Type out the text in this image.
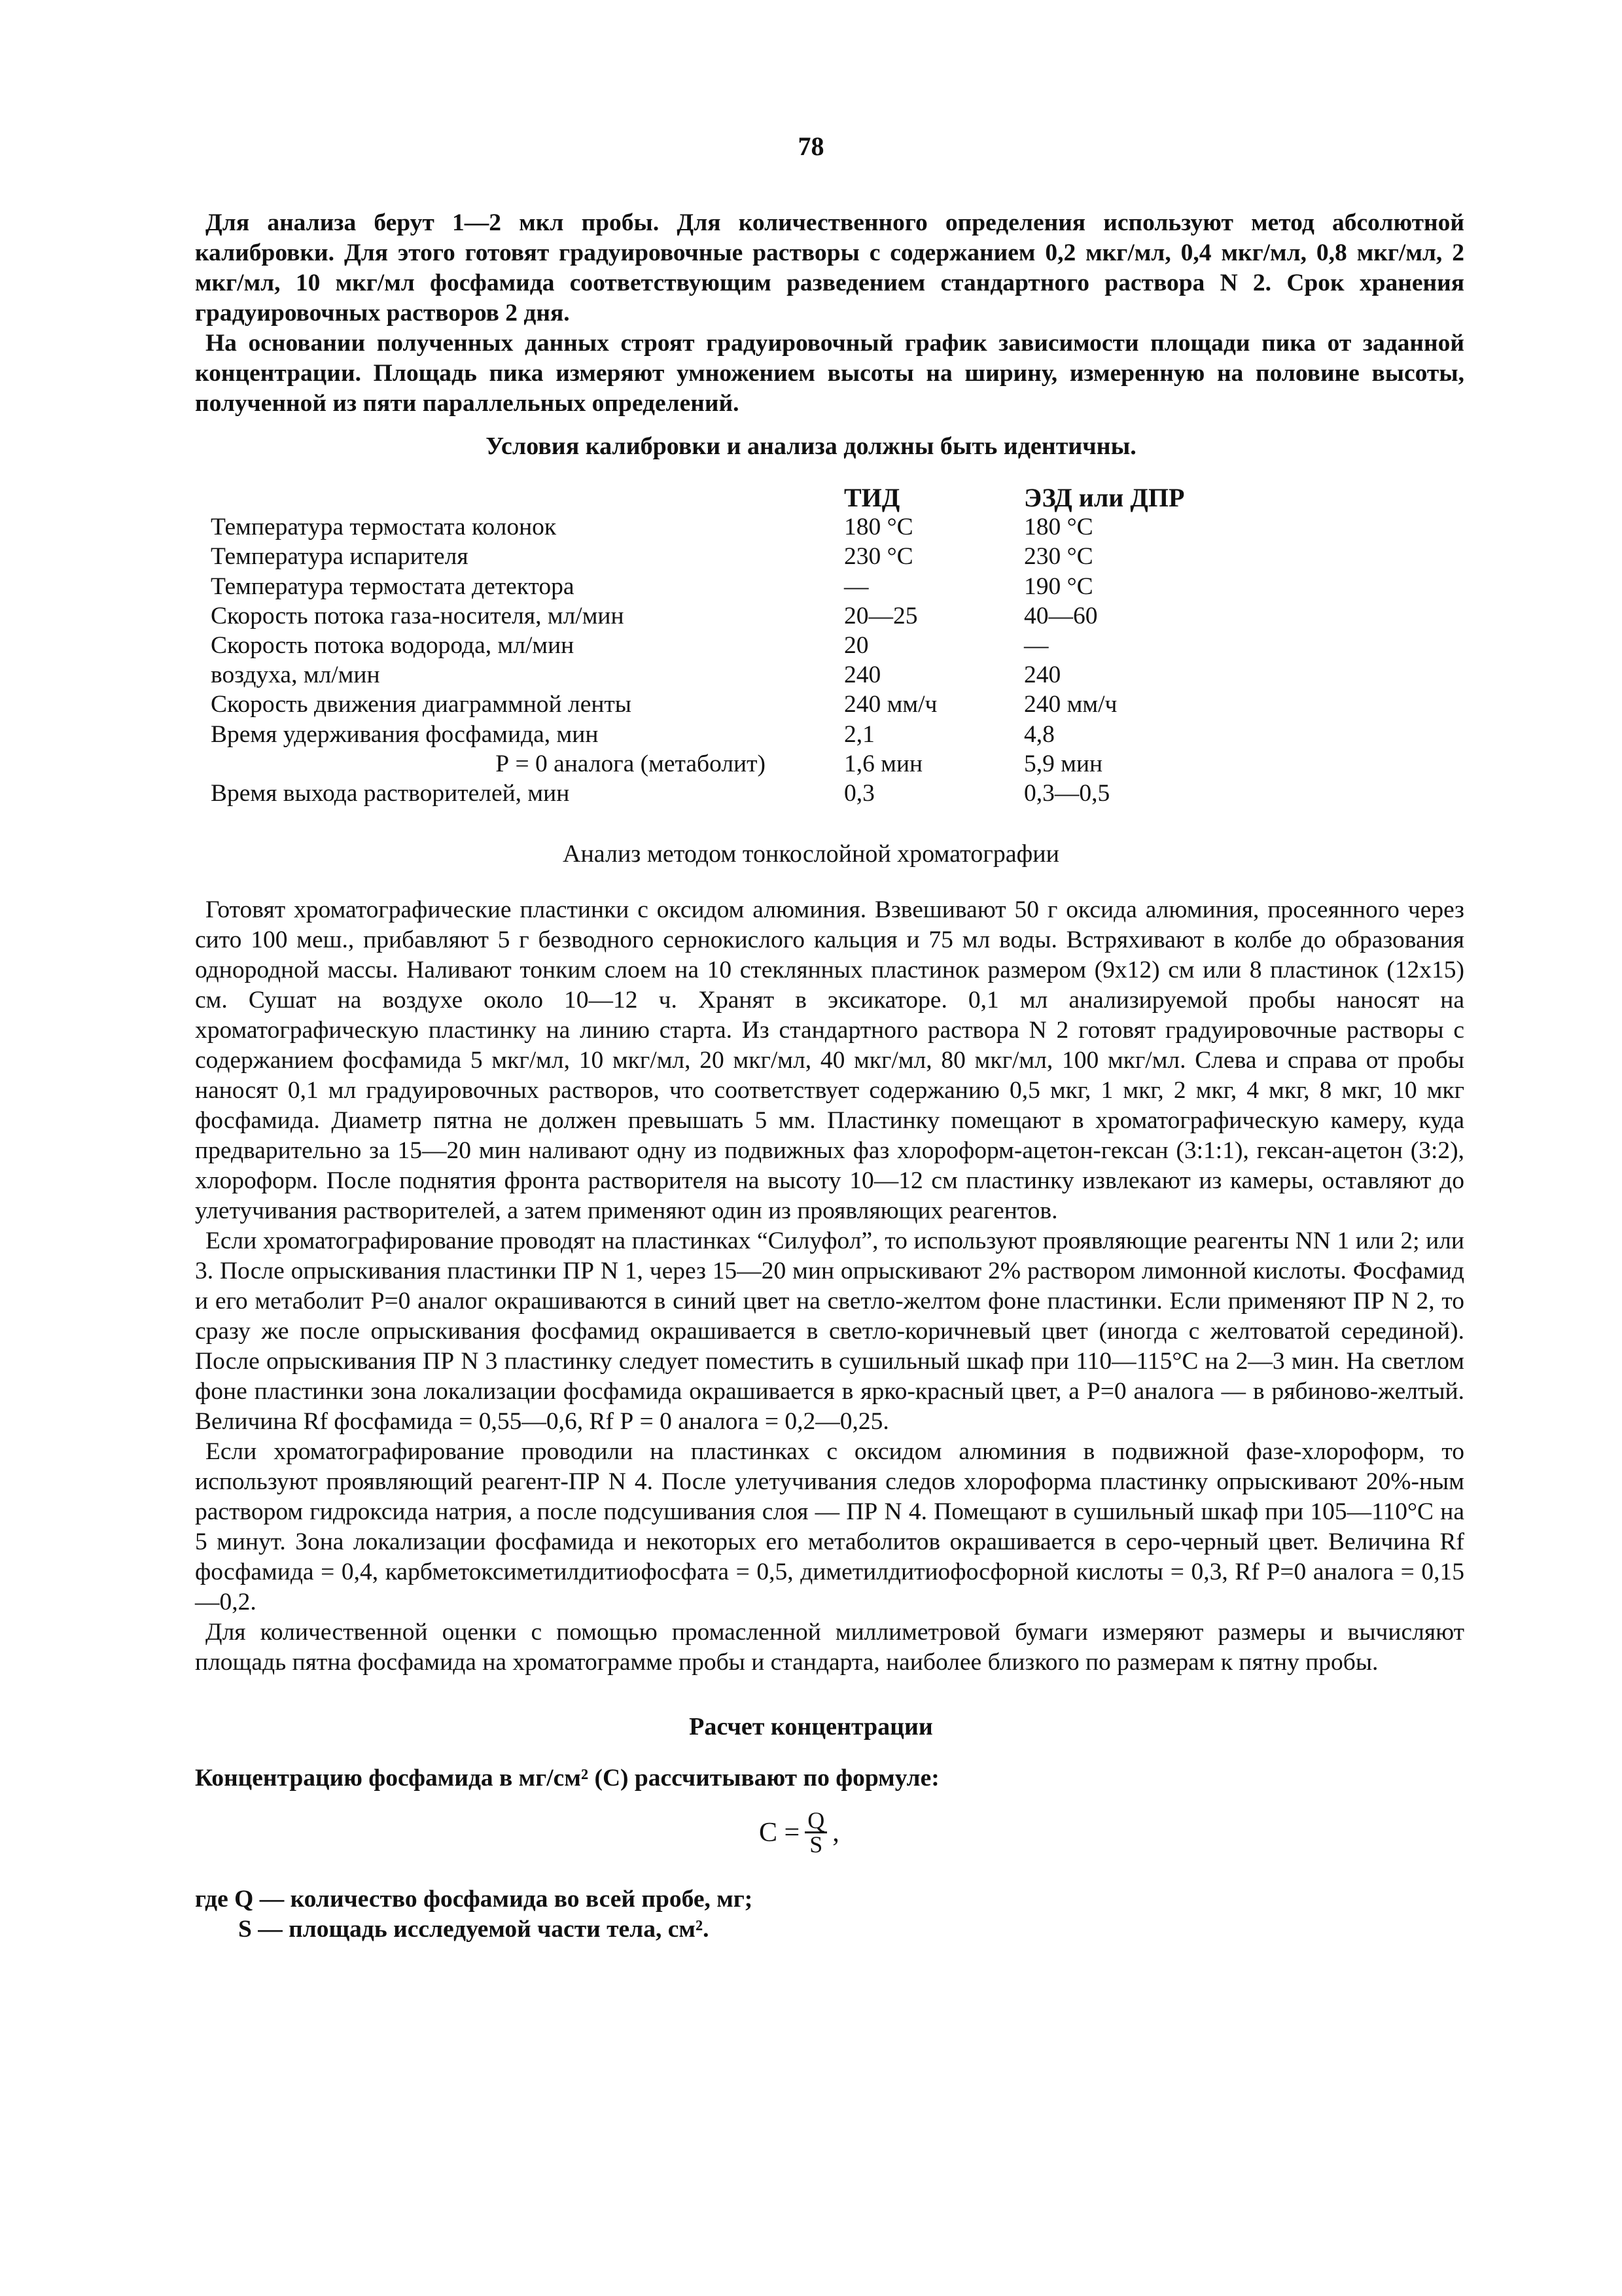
78

Для анализа берут 1—2 мкл пробы. Для количественного определения используют метод абсолютной калибровки. Для этого готовят градуировочные растворы с содержанием 0,2 мкг/мл, 0,4 мкг/мл, 0,8 мкг/мл, 2 мкг/мл, 10 мкг/мл фосфамида соответствующим разведением стандартного раствора N 2. Срок хранения градуировочных растворов 2 дня.

На основании полученных данных строят градуировочный график зависимости площади пика от заданной концентрации. Площадь пика измеряют умножением высоты на ширину, измеренную на половине высоты, полученной из пяти параллельных определений.

Условия калибровки и анализа должны быть идентичны.
	ТИД	ЭЗД или ДПР
Температура термостата колонок	180 °С	180 °С
Температура испарителя	230 °С	230 °С
Температура термостата детектора	—	190 °С
Скорость потока газа-носителя, мл/мин	20—25	40—60
Скорость потока водорода, мл/мин	20	—
воздуха, мл/мин	240	240
Скорость движения диаграммной ленты	240 мм/ч	240 мм/ч
Время удерживания фосфамида, мин	2,1	4,8
Р = 0 аналога (метаболит)	1,6 мин	5,9 мин
Время выхода растворителей, мин	0,3	0,3—0,5
Анализ методом тонкослойной хроматографии

Готовят хроматографические пластинки с оксидом алюминия. Взвешивают 50 г оксида алюминия, просеянного через сито 100 меш., прибавляют 5 г безводного сернокислого кальция и 75 мл воды. Встряхивают в колбе до образования однородной массы. Наливают тонким слоем на 10 стеклянных пластинок размером (9х12) см или 8 пластинок (12х15) см. Сушат на воздухе около 10—12 ч. Хранят в эксикаторе. 0,1 мл анализируемой пробы наносят на хроматографическую пластинку на линию старта. Из стандартного раствора N 2 готовят градуировочные растворы с содержанием фосфамида 5 мкг/мл, 10 мкг/мл, 20 мкг/мл, 40 мкг/мл, 80 мкг/мл, 100 мкг/мл. Слева и справа от пробы наносят 0,1 мл градуировочных растворов, что соответствует содержанию 0,5 мкг, 1 мкг, 2 мкг, 4 мкг, 8 мкг, 10 мкг фосфамида. Диаметр пятна не должен превышать 5 мм. Пластинку помещают в хроматографическую камеру, куда предварительно за 15—20 мин наливают одну из подвижных фаз хлороформ-ацетон-гексан (3:1:1), гексан-ацетон (3:2), хлороформ. После поднятия фронта растворителя на высоту 10—12 см пластинку извлекают из камеры, оставляют до улетучивания растворителей, а затем применяют один из проявляющих реагентов.

Если хроматографирование проводят на пластинках “Силуфол”, то используют проявляющие реагенты NN 1 или 2; или 3. После опрыскивания пластинки ПР N 1, через 15—20 мин опрыскивают 2% раствором лимонной кислоты. Фосфамид и его метаболит Р=0 аналог окрашиваются в синий цвет на светло-желтом фоне пластинки. Если применяют ПР N 2, то сразу же после опрыскивания фосфамид окрашивается в светло-коричневый цвет (иногда с желтоватой серединой). После опрыскивания ПР N 3 пластинку следует поместить в сушильный шкаф при 110—115°С на 2—3 мин. На светлом фоне пластинки зона локализации фосфамида окрашивается в ярко-красный цвет, а Р=0 аналога — в рябиново-желтый. Величина Rf фосфамида = 0,55—0,6, Rf Р = 0 аналога = 0,2—0,25.

Если хроматографирование проводили на пластинках с оксидом алюминия в подвижной фазе-хлороформ, то используют проявляющий реагент-ПР N 4. После улетучивания следов хлороформа пластинку опрыскивают 20%-ным раствором гидроксида натрия, а после подсушивания слоя — ПР N 4. Помещают в сушильный шкаф при 105—110°С на 5 минут. Зона локализации фосфамида и некоторых его метаболитов окрашивается в серо-черный цвет. Величина Rf фосфамида = 0,4, карбметоксиметилдитиофосфата = 0,5, диметилдитиофосфорной кислоты = 0,3, Rf Р=0 аналога = 0,15—0,2.

Для количественной оценки с помощью промасленной миллиметровой бумаги измеряют размеры и вычисляют площадь пятна фосфамида на хроматограмме пробы и стандарта, наиболее близкого по размерам к пятну пробы.

Расчет концентрации

Концентрацию фосфамида в мг/см² (С) рассчитывают по формуле:

$С = \frac{Q}{S}$ ,
где Q — количество фосфамида во всей пробе, мг;
S — площадь исследуемой части тела, см².
